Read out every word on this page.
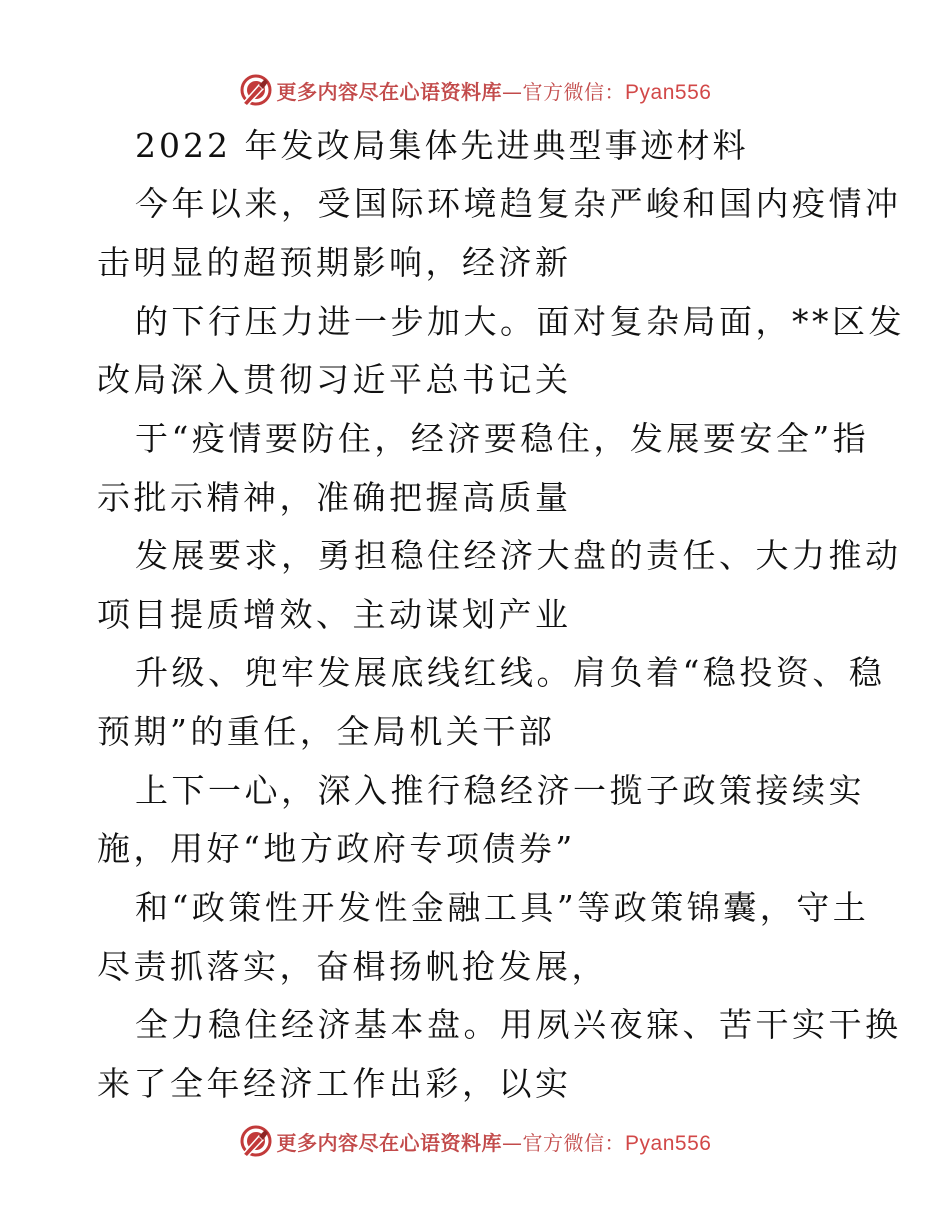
更多内容尽在心语资料库—官方微信：Pyan556
2022 年发改局集体先进典型事迹材料
今年以来，受国际环境趋复杂严峻和国内疫情冲
击明显的超预期影响，经济新
的下行压力进一步加大。面对复杂局面，**区发
改局深入贯彻习近平总书记关
于“疫情要防住，经济要稳住，发展要安全”指
示批示精神，准确把握高质量
发展要求，勇担稳住经济大盘的责任、大力推动
项目提质增效、主动谋划产业
升级、兜牢发展底线红线。肩负着“稳投资、稳
预期”的重任，全局机关干部
上下一心，深入推行稳经济一揽子政策接续实
施，用好“地方政府专项债券”
和“政策性开发性金融工具”等政策锦囊，守土
尽责抓落实，奋楫扬帆抢发展，
全力稳住经济基本盘。用夙兴夜寐、苦干实干换
来了全年经济工作出彩，以实
更多内容尽在心语资料库—官方微信：Pyan556
